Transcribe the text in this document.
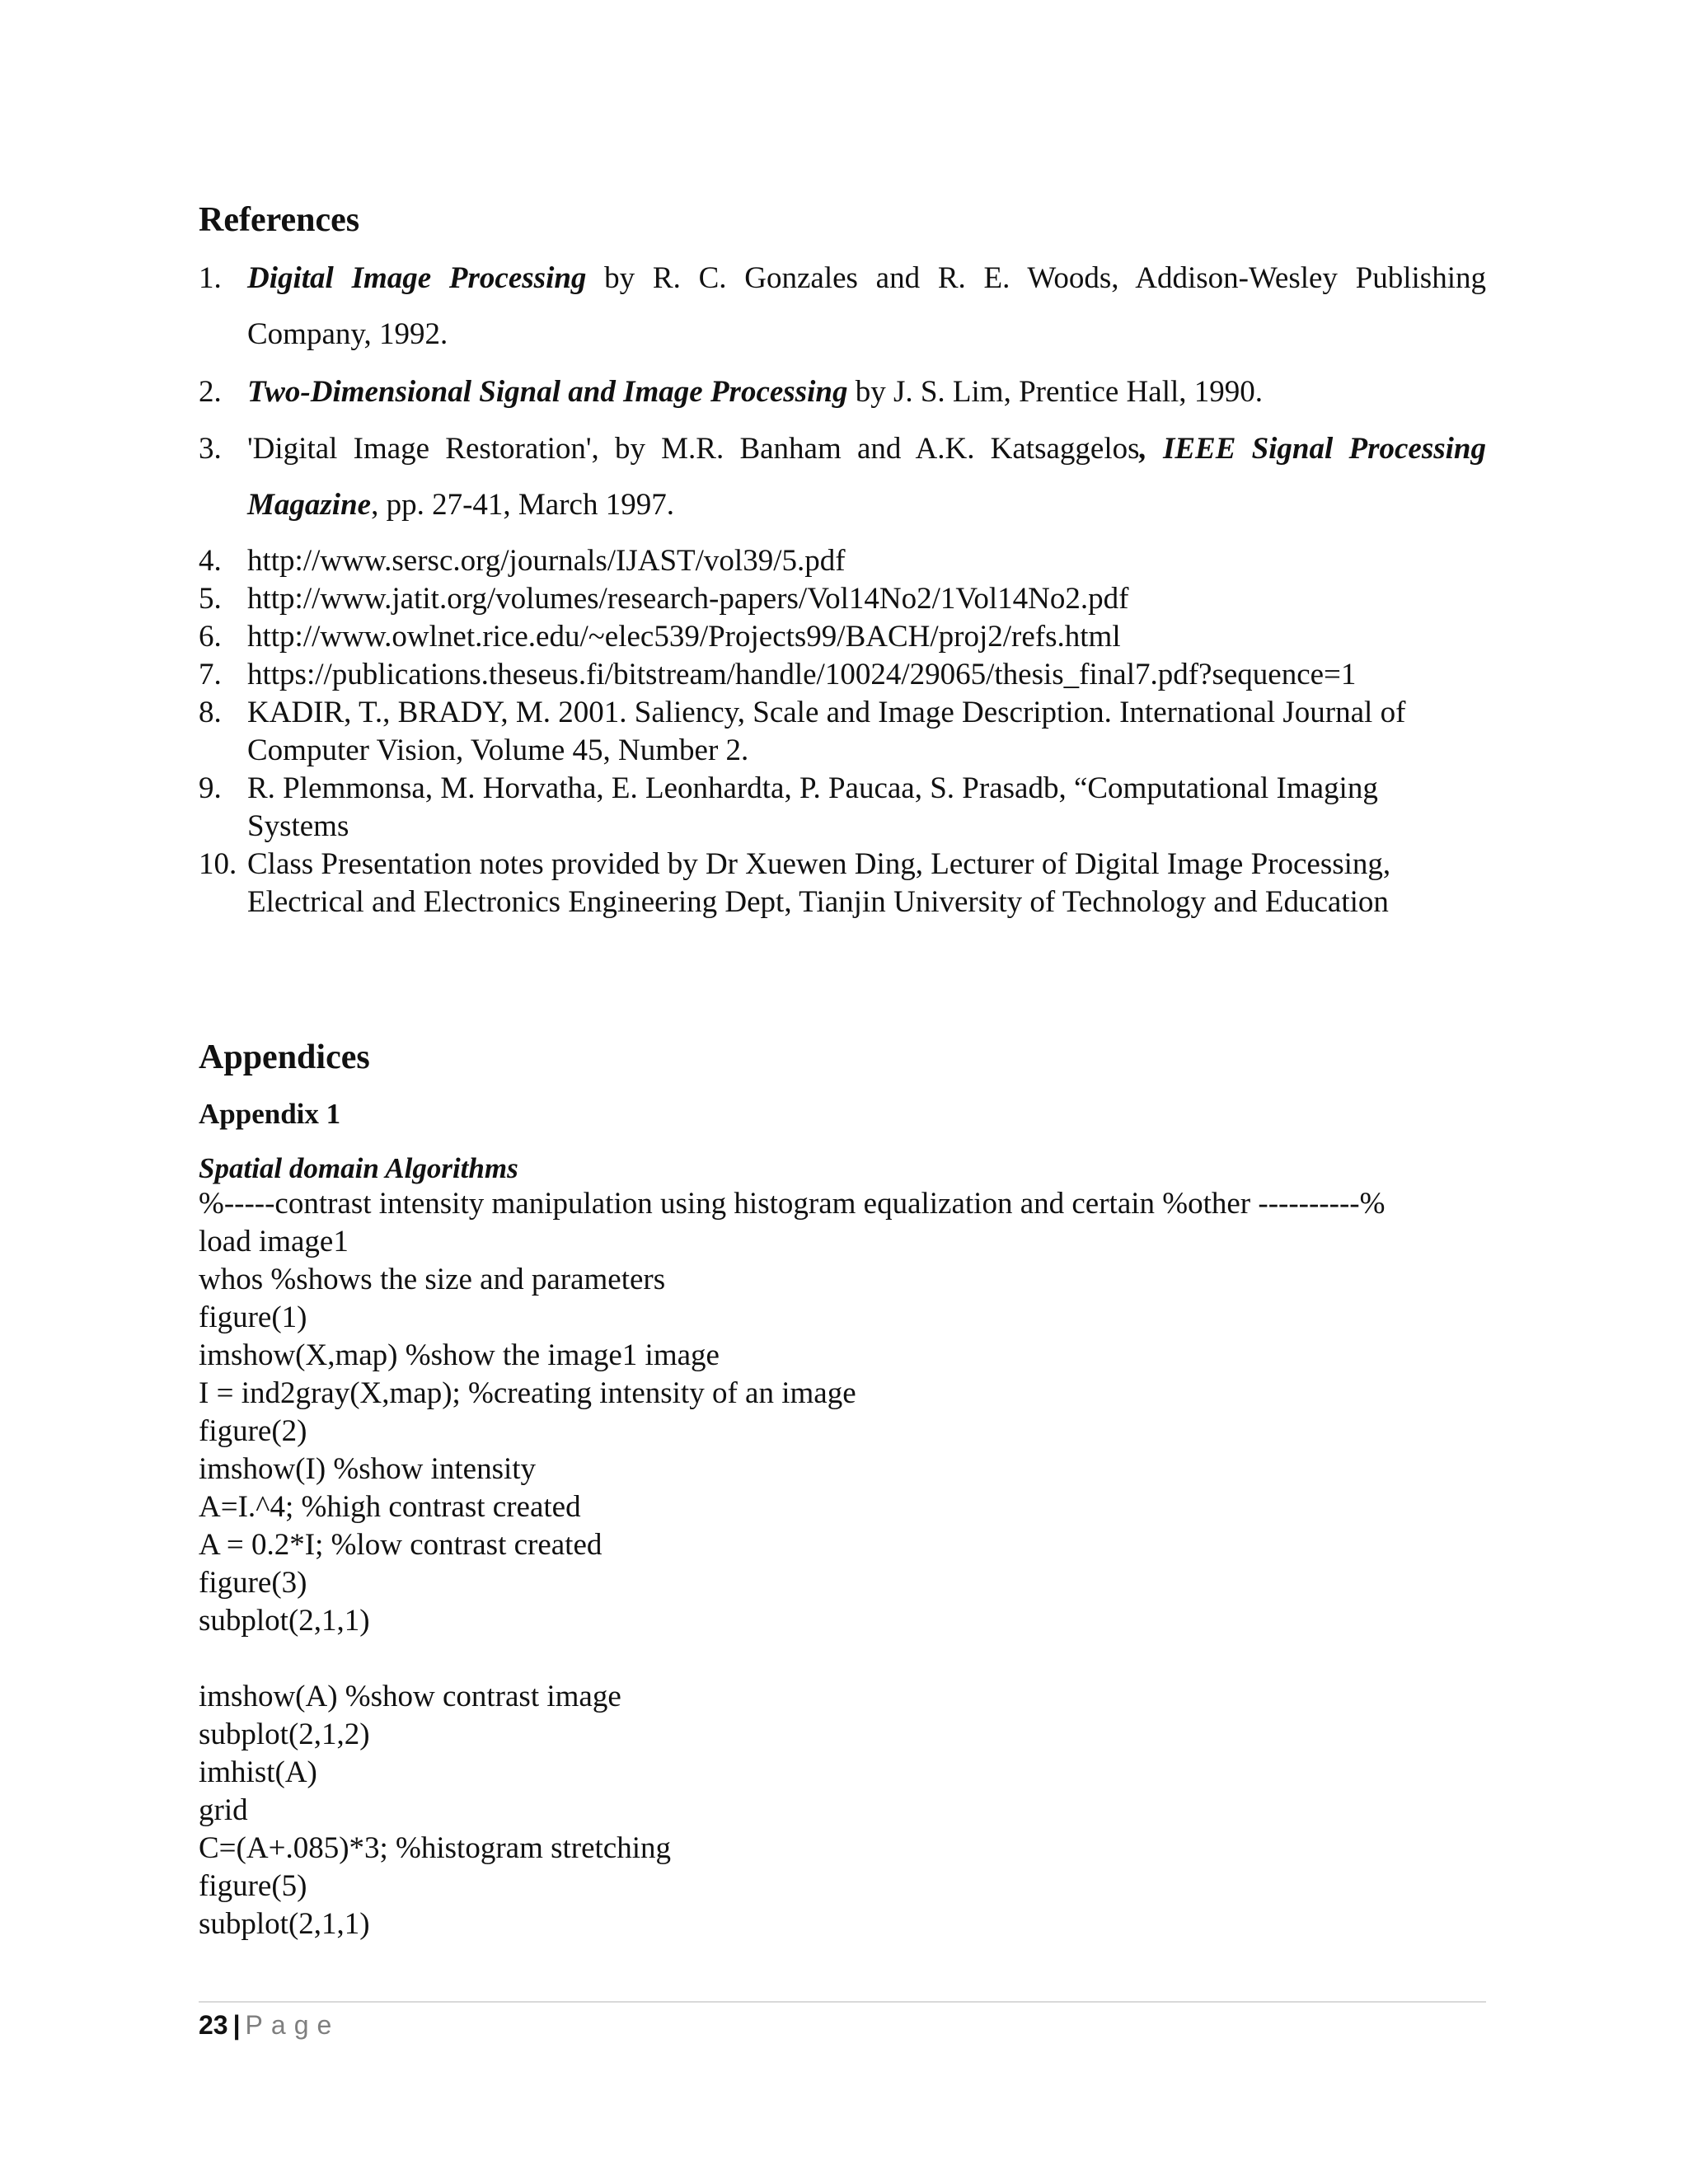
References
1. Digital Image Processing by R. C. Gonzales and R. E. Woods, Addison-Wesley Publishing Company, 1992.
2. Two-Dimensional Signal and Image Processing by J. S. Lim, Prentice Hall, 1990.
3. 'Digital Image Restoration', by M.R. Banham and A.K. Katsaggelos, IEEE Signal Processing Magazine, pp. 27-41, March 1997.
4. http://www.sersc.org/journals/IJAST/vol39/5.pdf
5. http://www.jatit.org/volumes/research-papers/Vol14No2/1Vol14No2.pdf
6. http://www.owlnet.rice.edu/~elec539/Projects99/BACH/proj2/refs.html
7. https://publications.theseus.fi/bitstream/handle/10024/29065/thesis_final7.pdf?sequence=1
8. KADIR, T., BRADY, M. 2001. Saliency, Scale and Image Description. International Journal of Computer Vision, Volume 45, Number 2.
9. R. Plemmonsa, M. Horvatha, E. Leonhardta, P. Paucaa, S. Prasadb, “Computational Imaging Systems
10. Class Presentation notes provided by Dr Xuewen Ding, Lecturer of Digital Image Processing, Electrical and Electronics Engineering Dept, Tianjin University of Technology and Education
Appendices
Appendix 1
Spatial domain Algorithms
%-----contrast intensity manipulation using histogram equalization and certain %other ----------%
load image1
whos %shows the size and parameters
figure(1)
imshow(X,map) %show the image1 image
I = ind2gray(X,map); %creating intensity of an image
figure(2)
imshow(I) %show intensity
A=I.^4; %high contrast created
A = 0.2*I; %low contrast created
figure(3)
subplot(2,1,1)
imshow(A) %show contrast image
subplot(2,1,2)
imhist(A)
grid
C=(A+.085)*3; %histogram stretching
figure(5)
subplot(2,1,1)
23 | Page
